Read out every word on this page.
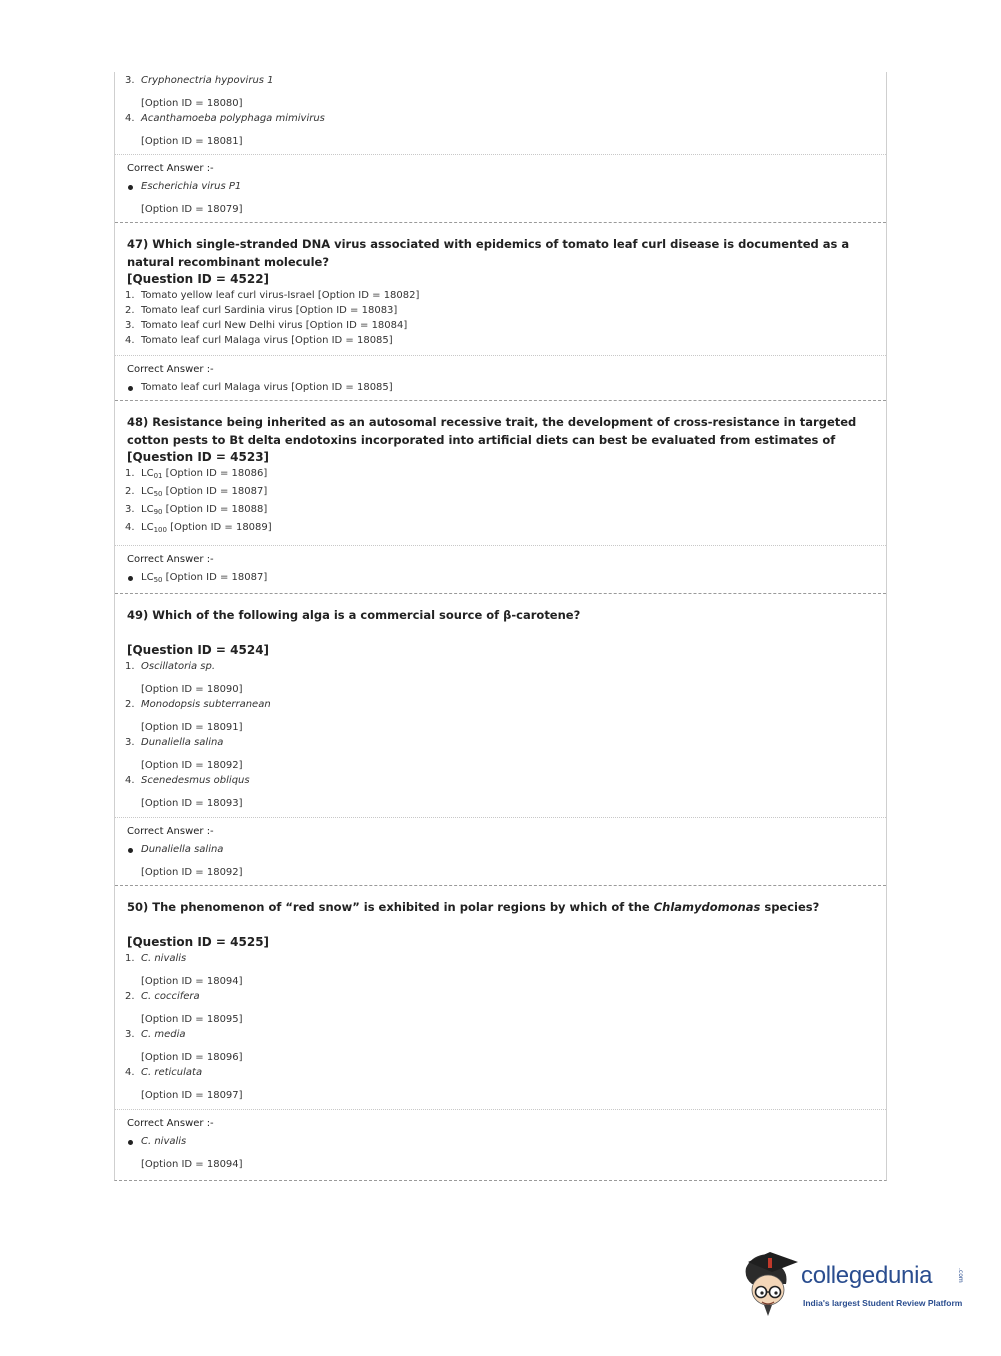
3. Cryphonectria hypovirus 1
[Option ID = 18080]
4. Acanthamoeba polyphaga mimivirus
[Option ID = 18081]
Correct Answer :-
Escherichia virus P1
[Option ID = 18079]
47) Which single-stranded DNA virus associated with epidemics of tomato leaf curl disease is documented as a natural recombinant molecule?
[Question ID = 4522]
1. Tomato yellow leaf curl virus-Israel [Option ID = 18082]
2. Tomato leaf curl Sardinia virus [Option ID = 18083]
3. Tomato leaf curl New Delhi virus [Option ID = 18084]
4. Tomato leaf curl Malaga virus [Option ID = 18085]
Correct Answer :-
Tomato leaf curl Malaga virus [Option ID = 18085]
48) Resistance being inherited as an autosomal recessive trait, the development of cross-resistance in targeted cotton pests to Bt delta endotoxins incorporated into artificial diets can best be evaluated from estimates of
[Question ID = 4523]
1. $LC_{01}$ [Option ID = 18086]
2. $LC_{50}$ [Option ID = 18087]
3. $LC_{90}$ [Option ID = 18088]
4. $LC_{100}$ [Option ID = 18089]
Correct Answer :-
$LC_{50}$ [Option ID = 18087]
49) Which of the following alga is a commercial source of β-carotene?
[Question ID = 4524]
1. Oscillatoria sp.
[Option ID = 18090]
2. Monodopsis subterranean
[Option ID = 18091]
3. Dunaliella salina
[Option ID = 18092]
4. Scenedesmus obliqus
[Option ID = 18093]
Correct Answer :-
Dunaliella salina
[Option ID = 18092]
50) The phenomenon of “red snow” is exhibited in polar regions by which of the Chlamydomonas species?
[Question ID = 4525]
1. C. nivalis
[Option ID = 18094]
2. C. coccifera
[Option ID = 18095]
3. C. media
[Option ID = 18096]
4. C. reticulata
[Option ID = 18097]
Correct Answer :-
C. nivalis
[Option ID = 18094]
collegedunia	.com
India's largest Student Review Platform
